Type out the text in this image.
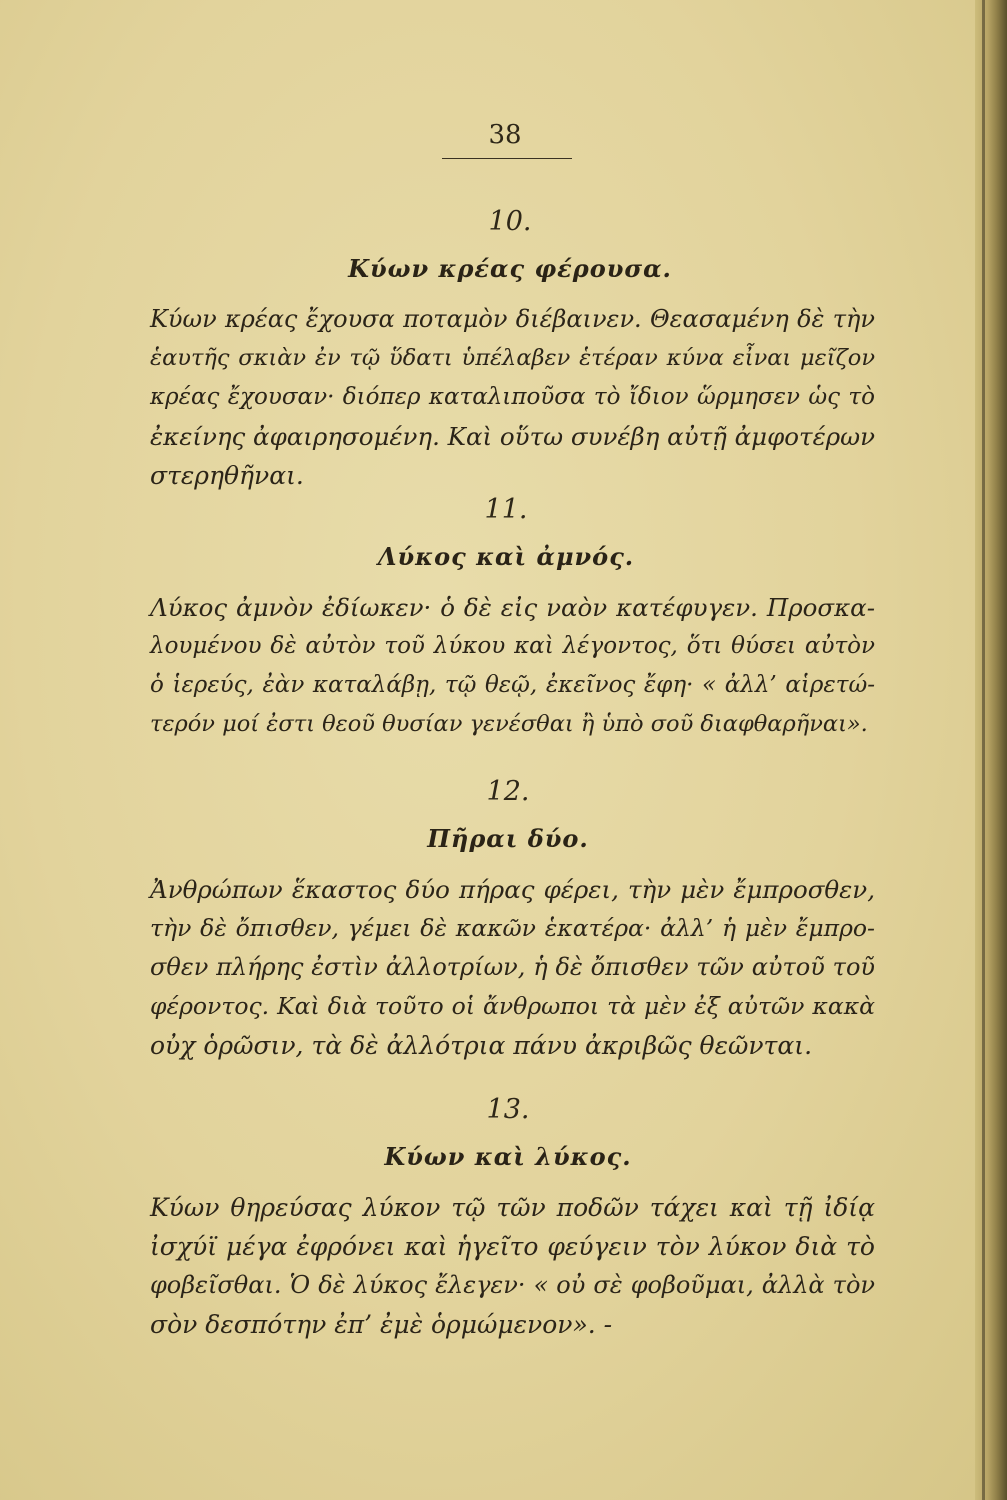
38
10.
Κύων κρέας φέρουσα.
Κύων κρέας ἔχουσα ποταμὸν διέβαινεν. Θεασαμένη δὲ τὴν
ἑαυτῆς σκιὰν ἐν τῷ ὕδατι ὑπέλαβεν ἑτέραν κύνα εἶναι μεῖζον
κρέας ἔχουσαν· διόπερ καταλιποῦσα τὸ ἴδιον ὥρμησεν ὡς τὸ
ἐκείνης ἀφαιρησομένη. Καὶ οὕτω συνέβη αὐτῇ ἀμφοτέρων
στερηθῆναι.
11.
Λύκος καὶ ἀμνός.
Λύκος ἀμνὸν ἐδίωκεν· ὁ δὲ εἰς ναὸν κατέφυγεν. Προσκα-
λουμένου δὲ αὐτὸν τοῦ λύκου καὶ λέγοντος, ὅτι θύσει αὐτὸν
ὁ ἱερεύς, ἐὰν καταλάβῃ, τῷ θεῷ, ἐκεῖνος ἔφη· « ἀλλ’ αἱρετώ-
τερόν μοί ἐστι θεοῦ θυσίαν γενέσθαι ἢ ὑπὸ σοῦ διαφθαρῆναι».
12.
Πῆραι δύο.
Ἀνθρώπων ἕκαστος δύο πήρας φέρει, τὴν μὲν ἔμπροσθεν,
τὴν δὲ ὄπισθεν, γέμει δὲ κακῶν ἑκατέρα· ἀλλ’ ἡ μὲν ἔμπρο-
σθεν πλήρης ἐστὶν ἀλλοτρίων, ἡ δὲ ὄπισθεν τῶν αὐτοῦ τοῦ
φέροντος. Καὶ διὰ τοῦτο οἱ ἄνθρωποι τὰ μὲν ἐξ αὐτῶν κακὰ
οὐχ ὁρῶσιν, τὰ δὲ ἀλλότρια πάνυ ἀκριβῶς θεῶνται.
13.
Κύων καὶ λύκος.
Κύων θηρεύσας λύκον τῷ τῶν ποδῶν τάχει καὶ τῇ ἰδίᾳ
ἰσχύϊ μέγα ἐφρόνει καὶ ἡγεῖτο φεύγειν τὸν λύκον διὰ τὸ
φοβεῖσθαι. Ὁ δὲ λύκος ἔλεγεν· « οὐ σὲ φοβοῦμαι, ἀλλὰ τὸν
σὸν δεσπότην ἐπ’ ἐμὲ ὁρμώμενον». -
